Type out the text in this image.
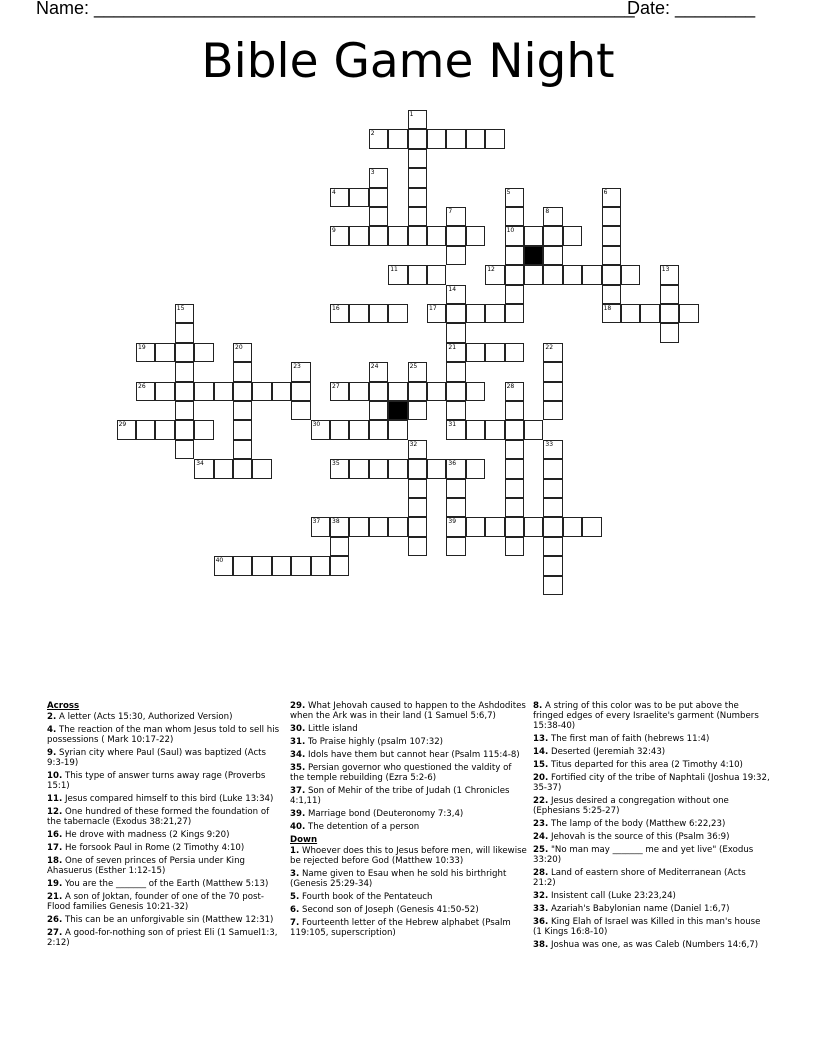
Name: ______________________________________________________
Date: ________
Bible Game Night
1
2
3
4	5
10
6
18
7	8
9
11	12	13
14
21
31
15	16	17
19	20	22
23	24	25
26	27	28
29	30
32	33
34	35	36
39
37 38
40
Across
2. A letter (Acts 15:30, Authorized Version)
4. The reaction of the man whom Jesus told to sell his possessions ( Mark 10:17-22)
9. Syrian city where Paul (Saul) was baptized (Acts 9:3-19)
10. This type of answer turns away rage (Proverbs 15:1)
11. Jesus compared himself to this bird (Luke 13:34)
12. One hundred of these formed the foundation of the tabernacle (Exodus 38:21,27)
16. He drove with madness (2 Kings 9:20)
17. He forsook Paul in Rome (2 Timothy 4:10)
18. One of seven princes of Persia under King Ahasuerus (Esther 1:12-15)
19. You are the _______ of the Earth (Matthew 5:13)
21. A son of Joktan, founder of one of the 70 post-Flood families Genesis 10:21-32)
26. This can be an unforgivable sin (Matthew 12:31)
27. A good-for-nothing son of priest Eli (1 Samuel1:3, 2:12)
29. What Jehovah caused to happen to the Ashdodites when the Ark was in their land (1 Samuel 5:6,7)
30. Little island
31. To Praise highly (psalm 107:32)
34. Idols have them but cannot hear (Psalm 115:4-8)
35. Persian governor who questioned the valdity of the temple rebuilding (Ezra 5:2-6)
37. Son of Mehir of the tribe of Judah (1 Chronicles 4:1,11)
39. Marriage bond (Deuteronomy 7:3,4)
40. The detention of a person
Down
1. Whoever does this to Jesus before men, will likewise be rejected before God (Matthew 10:33)
3. Name given to Esau when he sold his birthright (Genesis 25:29-34)
5. Fourth book of the Pentateuch
6. Second son of Joseph (Genesis 41:50-52)
7. Fourteenth letter of the Hebrew alphabet (Psalm 119:105, superscription)
8. A string of this color was to be put above the fringed edges of every Israelite's garment (Numbers 15:38-40)
13. The first man of faith (hebrews 11:4)
14. Deserted (Jeremiah 32:43)
15. Titus departed for this area (2 Timothy 4:10)
20. Fortified city of the tribe of Naphtali (Joshua 19:32, 35-37)
22. Jesus desired a congregation without one (Ephesians 5:25-27)
23. The lamp of the body (Matthew 6:22,23)
24. Jehovah is the source of this (Psalm 36:9)
25. "No man may _______ me and yet live" (Exodus 33:20)
28. Land of eastern shore of Mediterranean (Acts 21:2)
32. Insistent call (Luke 23:23,24)
33. Azariah's Babylonian name (Daniel 1:6,7)
36. King Elah of Israel was Killed in this man's house (1 Kings 16:8-10)
38. Joshua was one, as was Caleb (Numbers 14:6,7)
